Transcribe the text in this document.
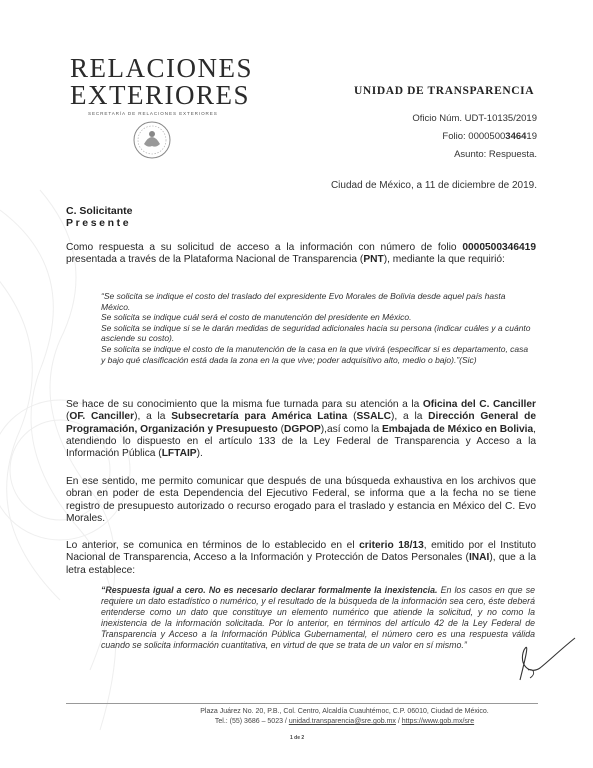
RELACIONES
EXTERIORES
SECRETARÍA DE RELACIONES EXTERIORES
UNIDAD DE TRANSPARENCIA
Oficio Núm. UDT-10135/2019
Folio: 0000500346419
Asunto: Respuesta.
Ciudad de México, a 11 de diciembre de 2019.
C. Solicitante
Presente
Como respuesta a su solicitud de acceso a la información con número de folio 0000500346419 presentada a través de la Plataforma Nacional de Transparencia (PNT), mediante la que requirió:

“Se solicita se indique el costo del traslado del expresidente Evo Morales de Bolivia desde aquel país hasta México.

Se solicita se indique cuál será el costo de manutención del presidente en México.

Se solicita se indique si se le darán medidas de seguridad adicionales hacia su persona (indicar cuáles y a cuánto asciende su costo).

Se solicita se indique el costo de la manutención de la casa en la que vivirá (especificar si es departamento, casa y bajo qué clasificación está dada la zona en la que vive; poder adquisitivo alto, medio o bajo).”(Sic)

Se hace de su conocimiento que la misma fue turnada para su atención a la Oficina del C. Canciller (OF. Canciller), a la Subsecretaría para América Latina (SSALC), a la Dirección General de Programación, Organización y Presupuesto (DGPOP),así como la Embajada de México en Bolivia, atendiendo lo dispuesto en el artículo 133 de la Ley Federal de Transparencia y Acceso a la Información Pública (LFTAIP).
En ese sentido, me permito comunicar que después de una búsqueda exhaustiva en los archivos que obran en poder de esta Dependencia del Ejecutivo Federal, se informa que a la fecha no se tiene registro de presupuesto autorizado o recurso erogado para el traslado y estancia en México del C. Evo Morales.
Lo anterior, se comunica en términos de lo establecido en el criterio 18/13, emitido por el Instituto Nacional de Transparencia, Acceso a la Información y Protección de Datos Personales (INAI), que a la letra establece:
“Respuesta igual a cero. No es necesario declarar formalmente la inexistencia. En los casos en que se requiere un dato estadístico o numérico, y el resultado de la búsqueda de la información sea cero, éste deberá entenderse como un dato que constituye un elemento numérico que atiende la solicitud, y no como la inexistencia de la información solicitada. Por lo anterior, en términos del artículo 42 de la Ley Federal de Transparencia y Acceso a la Información Pública Gubernamental, el número cero es una respuesta válida cuando se solicita información cuantitativa, en virtud de que se trata de un valor en sí mismo.”
Plaza Juárez No. 20, P.B., Col. Centro, Alcaldía Cuauhtémoc, C.P. 06010, Ciudad de México.
Tel.: (55) 3686 – 5023 / unidad.transparencia@sre.gob.mx / https://www.gob.mx/sre
1 de 2
